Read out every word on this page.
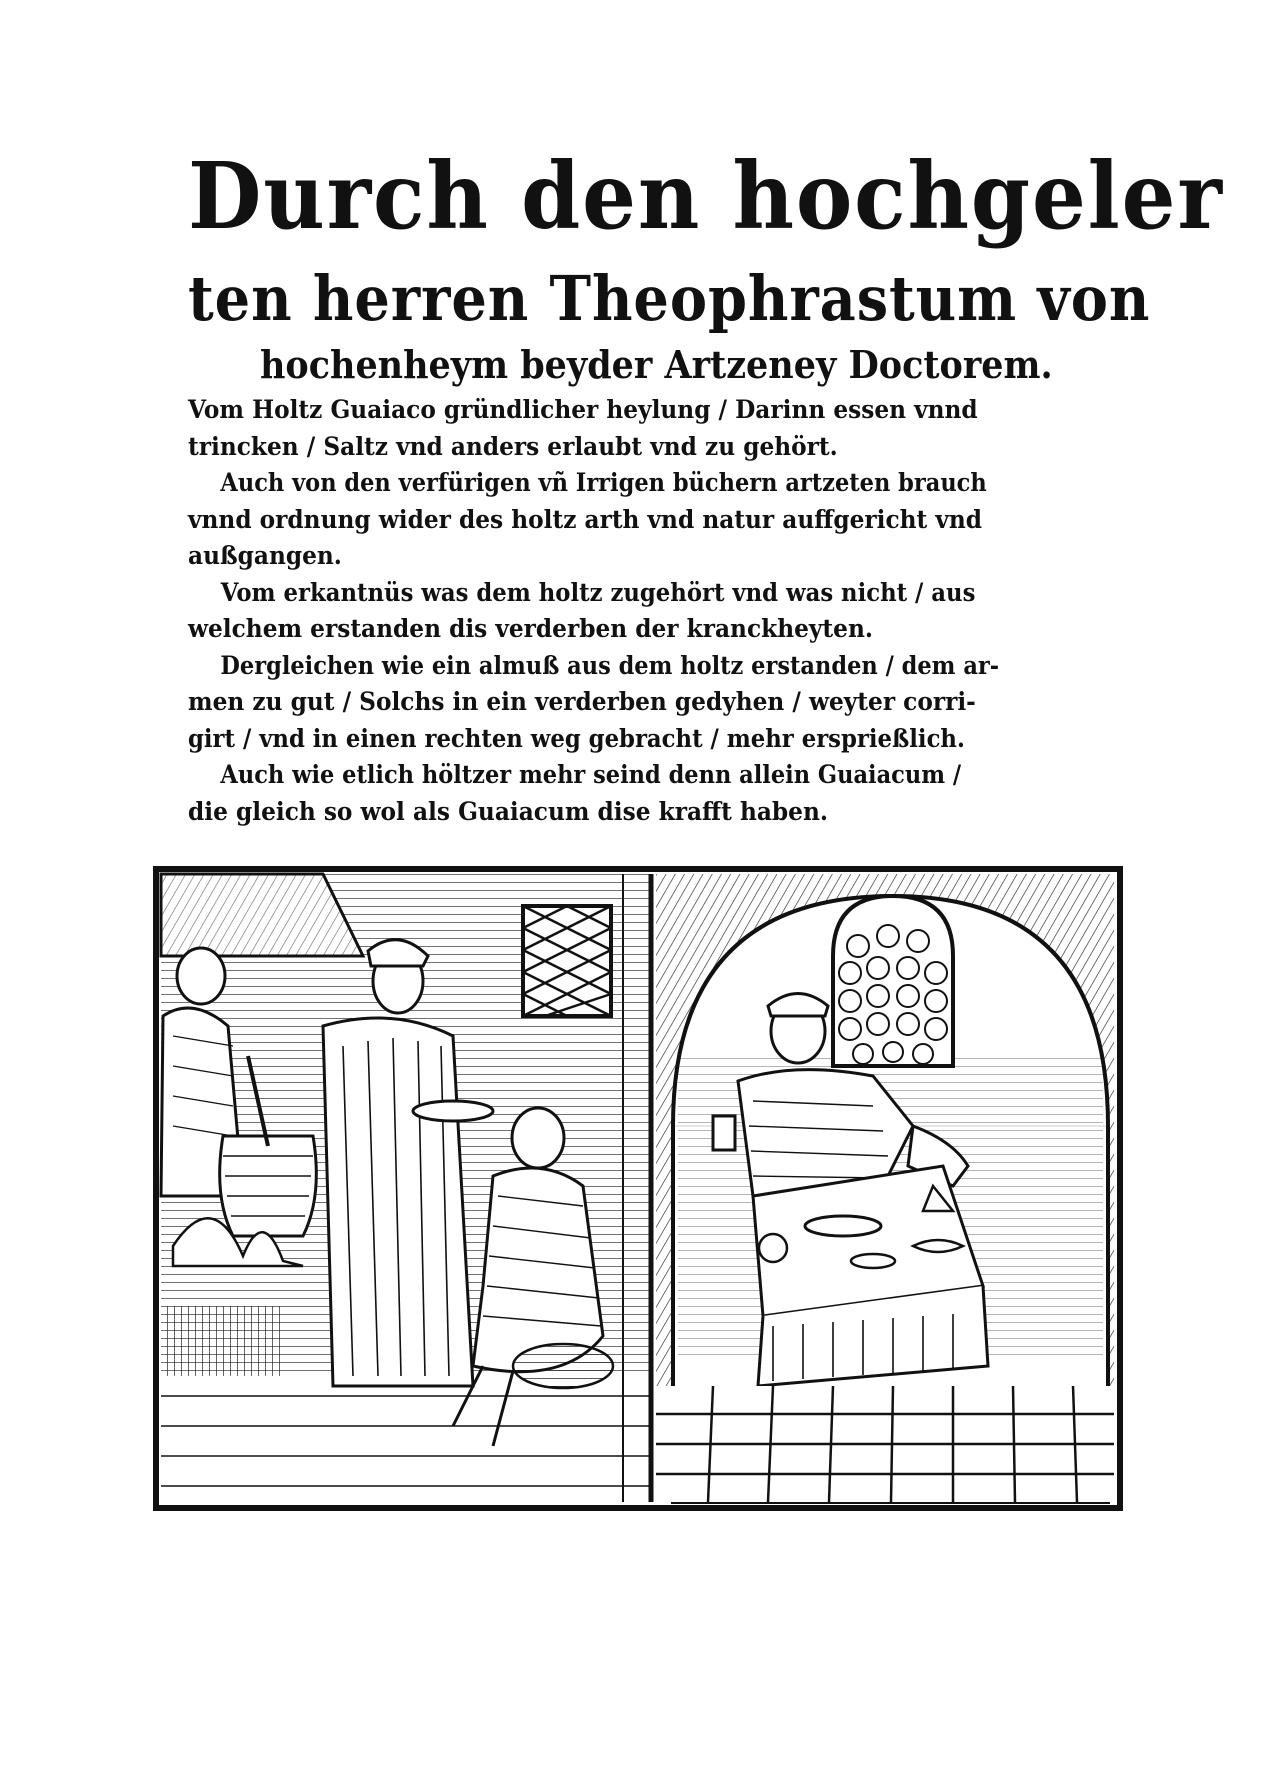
Durch den hochgeler
ten herren Theophrastum von
hochenheym beyder Artzeney Doctorem.
Vom Holtz Guaiaco gründlicher heylung / Darinn essen vnnd
trincken / Saltz vnd anders erlaubt vnd zu gehört.
Auch von den verfürigen vñ Irrigen büchern artzeten brauch
vnnd ordnung wider des holtz arth vnd natur auffgericht vnd
außgangen.
Vom erkantnüs was dem holtz zugehört vnd was nicht / aus
welchem erstanden dis verderben der kranckheyten.
Dergleichen wie ein almuß aus dem holtz erstanden / dem ar-
men zu gut / Solchs in ein verderben gedyhen / weyter corri-
girt / vnd in einen rechten weg gebracht / mehr ersprießlich.
Auch wie etlich höltzer mehr seind denn allein Guaiacum /
die gleich so wol als Guaiacum dise krafft haben.
